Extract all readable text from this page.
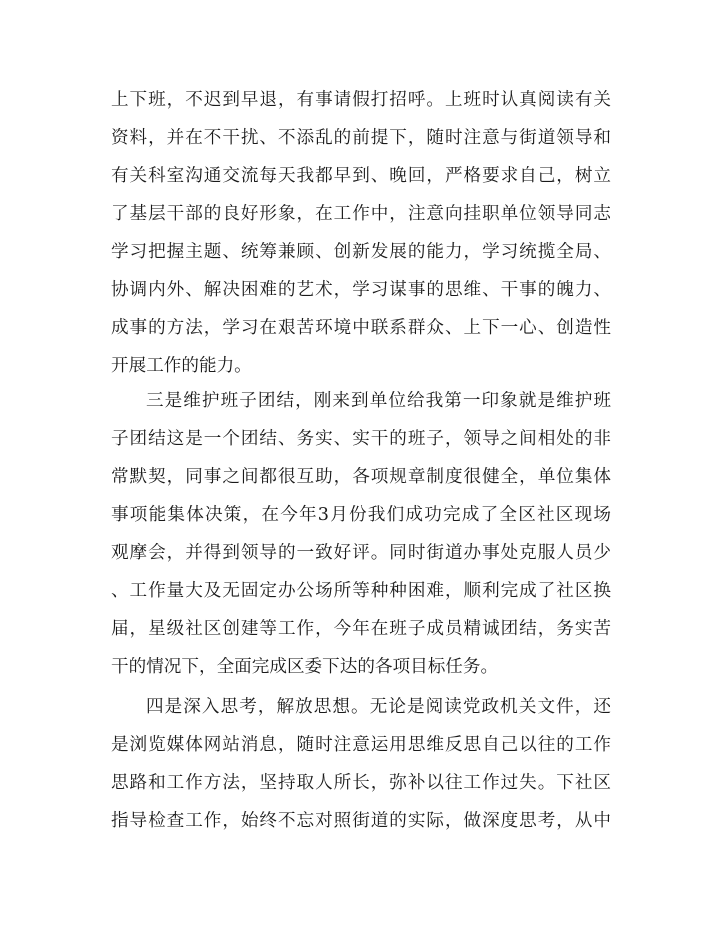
上下班，不迟到早退，有事请假打招呼。上班时认真阅读有关
资料，并在不干扰、不添乱的前提下，随时注意与街道领导和
有关科室沟通交流每天我都早到、晚回，严格要求自己，树立
了基层干部的良好形象，在工作中，注意向挂职单位领导同志
学习把握主题、统筹兼顾、创新发展的能力，学习统揽全局、
协调内外、解决困难的艺术，学习谋事的思维、干事的魄力、
成事的方法，学习在艰苦环境中联系群众、上下一心、创造性
开展工作的能力。
三是维护班子团结，刚来到单位给我第一印象就是维护班
子团结这是一个团结、务实、实干的班子，领导之间相处的非
常默契，同事之间都很互助，各项规章制度很健全，单位集体
事项能集体决策，在今年3月份我们成功完成了全区社区现场
观摩会，并得到领导的一致好评。同时街道办事处克服人员少
、工作量大及无固定办公场所等种种困难，顺利完成了社区换
届，星级社区创建等工作，今年在班子成员精诚团结，务实苦
干的情况下，全面完成区委下达的各项目标任务。
四是深入思考，解放思想。无论是阅读党政机关文件，还
是浏览媒体网站消息，随时注意运用思维反思自己以往的工作
思路和工作方法，坚持取人所长，弥补以往工作过失。下社区
指导检查工作，始终不忘对照街道的实际，做深度思考，从中
